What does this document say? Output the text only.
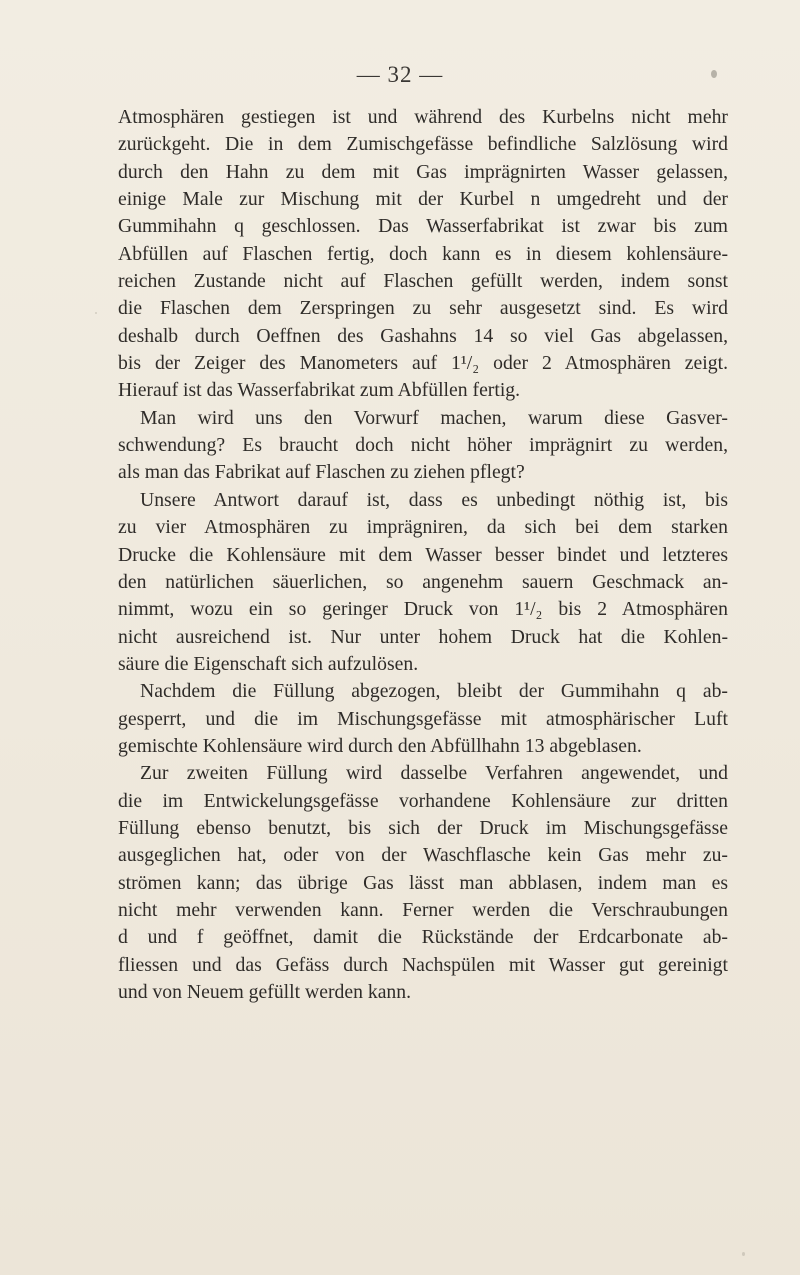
— 32 —
Atmosphären gestiegen ist und während des Kurbelns nicht mehr
zurückgeht. Die in dem Zumischgefässe befindliche Salzlösung wird
durch den Hahn zu dem mit Gas imprägnirten Wasser gelassen,
einige Male zur Mischung mit der Kurbel n umgedreht und der
Gummihahn q geschlossen. Das Wasserfabrikat ist zwar bis zum
Abfüllen auf Flaschen fertig, doch kann es in diesem kohlensäure-
reichen Zustande nicht auf Flaschen gefüllt werden, indem sonst
die Flaschen dem Zerspringen zu sehr ausgesetzt sind. Es wird
deshalb durch Oeffnen des Gashahns 14 so viel Gas abgelassen,
bis der Zeiger des Manometers auf 1¹/₂ oder 2 Atmosphären zeigt.
Hierauf ist das Wasserfabrikat zum Abfüllen fertig.
Man wird uns den Vorwurf machen, warum diese Gasver-
schwendung? Es braucht doch nicht höher imprägnirt zu werden,
als man das Fabrikat auf Flaschen zu ziehen pflegt?
Unsere Antwort darauf ist, dass es unbedingt nöthig ist, bis
zu vier Atmosphären zu imprägniren, da sich bei dem starken
Drucke die Kohlensäure mit dem Wasser besser bindet und letzteres
den natürlichen säuerlichen, so angenehm sauern Geschmack an-
nimmt, wozu ein so geringer Druck von 1¹/₂ bis 2 Atmosphären
nicht ausreichend ist. Nur unter hohem Druck hat die Kohlen-
säure die Eigenschaft sich aufzulösen.
Nachdem die Füllung abgezogen, bleibt der Gummihahn q ab-
gesperrt, und die im Mischungsgefässe mit atmosphärischer Luft
gemischte Kohlensäure wird durch den Abfüllhahn 13 abgeblasen.
Zur zweiten Füllung wird dasselbe Verfahren angewendet, und
die im Entwickelungsgefässe vorhandene Kohlensäure zur dritten
Füllung ebenso benutzt, bis sich der Druck im Mischungsgefässe
ausgeglichen hat, oder von der Waschflasche kein Gas mehr zu-
strömen kann; das übrige Gas lässt man abblasen, indem man es
nicht mehr verwenden kann. Ferner werden die Verschraubungen
d und f geöffnet, damit die Rückstände der Erdcarbonate ab-
fliessen und das Gefäss durch Nachspülen mit Wasser gut gereinigt
und von Neuem gefüllt werden kann.
